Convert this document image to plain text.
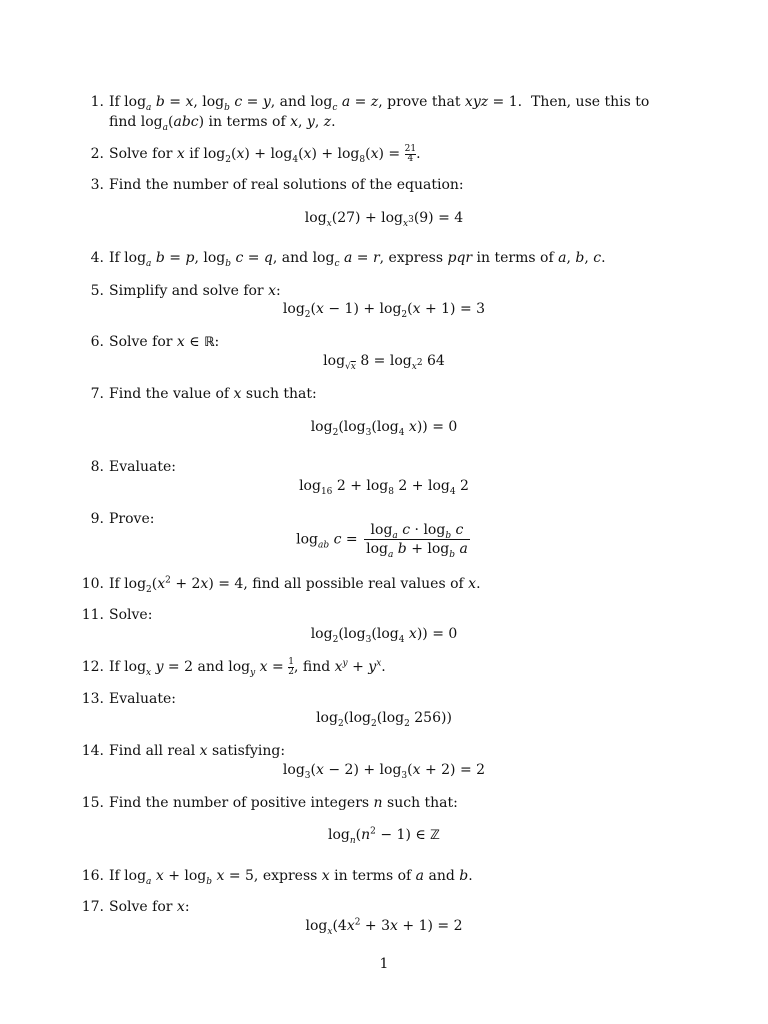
1. If $\log_a b = x$, $\log_b c = y$, and $\log_c a = z$, prove that xyz = 1.  Then, use this to find $\log_a(abc)$ in terms of x, y, z.
2. Solve for x if $\log_2(x) + \log_4(x) + \log_8(x) = \frac{21}{4}$ .
3. Find the number of real solutions of the equation:
$\log_x(27) + \log_{x^3}(9) = 4$
4. If $\log_a b = p$, $\log_b c = q$, and $\log_c a = r$, express pqr in terms of a, b, c.
5. Simplify and solve for x:
$\log_2(x - 1) + \log_2(x + 1) = 3$
6. Solve for x ∈ ℝ:
$\log_{√x} 8 = \log_{x^2} 64$
7. Find the value of x such that:
$\log_2(\log_3(\log_4$ x)) = 0
8. Evaluate:
$\log_{16} 2 + \log_8 2 + \log_4 2$
9. Prove:
$\log_{ab} c = \frac{\log_a c \cdot \log_b c}{\log_a b + \log_b a}$
10. If $\log_2(x^2 + 2x) = 4$, find all possible real values of x.
11. Solve:
$\log_2(\log_3(\log_4$ x)) = 0
12. If $\log_x y = 2$ and $\log_y x = \frac{1}{2}$ , find $x^y + y^x$.
13. Evaluate:
$\log_2(\log_2(\log_2$ 256))
14. Find all real x satisfying:
$\log_3(x - 2) + \log_3(x + 2) = 2$
15. Find the number of positive integers n such that:
$\log_n(n^2 - 1)$ ∈ ℤ
16. If $\log_a x + \log_b x = 5$, express x in terms of a and b.
17. Solve for x:
$\log_x(4x^2 + 3x + 1) = 2$
1
